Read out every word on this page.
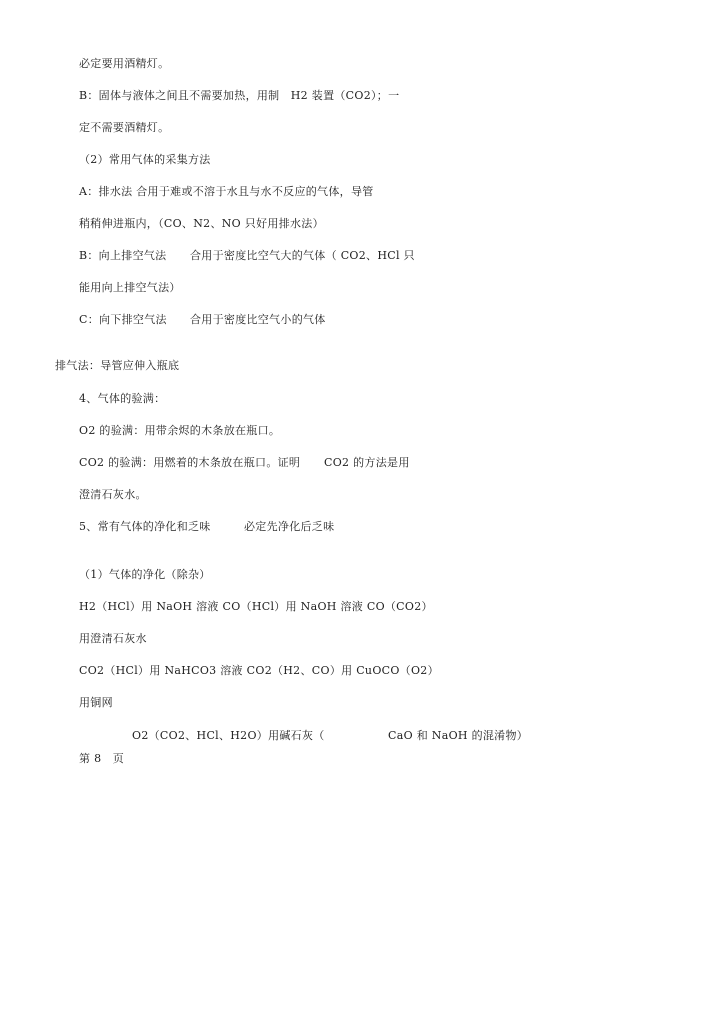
必定要用酒精灯。
B：固体与液体之间且不需要加热，用制　H2 装置（CO2）；一
定不需要酒精灯。
（2）常用气体的采集方法
A：排水法 合用于难或不溶于水且与水不反应的气体，导管
稍稍伸进瓶内，（CO、N2、NO 只好用排水法）
B：向上排空气法 合用于密度比空气大的气体（ CO2、HCl 只
能用向上排空气法）
C：向下排空气法 合用于密度比空气小的气体
排气法：导管应伸入瓶底
4、气体的验满：
O2 的验满：用带余烬的木条放在瓶口。
CO2 的验满：用燃着的木条放在瓶口。证明 CO2 的方法是用
澄清石灰水。
5、常有气体的净化和乏味	必定先净化后乏味
（1）气体的净化（除杂）
H2（HCl）用 NaOH 溶液 CO（HCl）用 NaOH 溶液 CO（CO2）
用澄清石灰水
CO2（HCl）用 NaHCO3 溶液 CO2（H2、CO）用 CuOCO（O2）
用铜网
O2（CO2、HCl、H2O）用碱石灰（	CaO 和 NaOH 的混淆物）
第 8　页
